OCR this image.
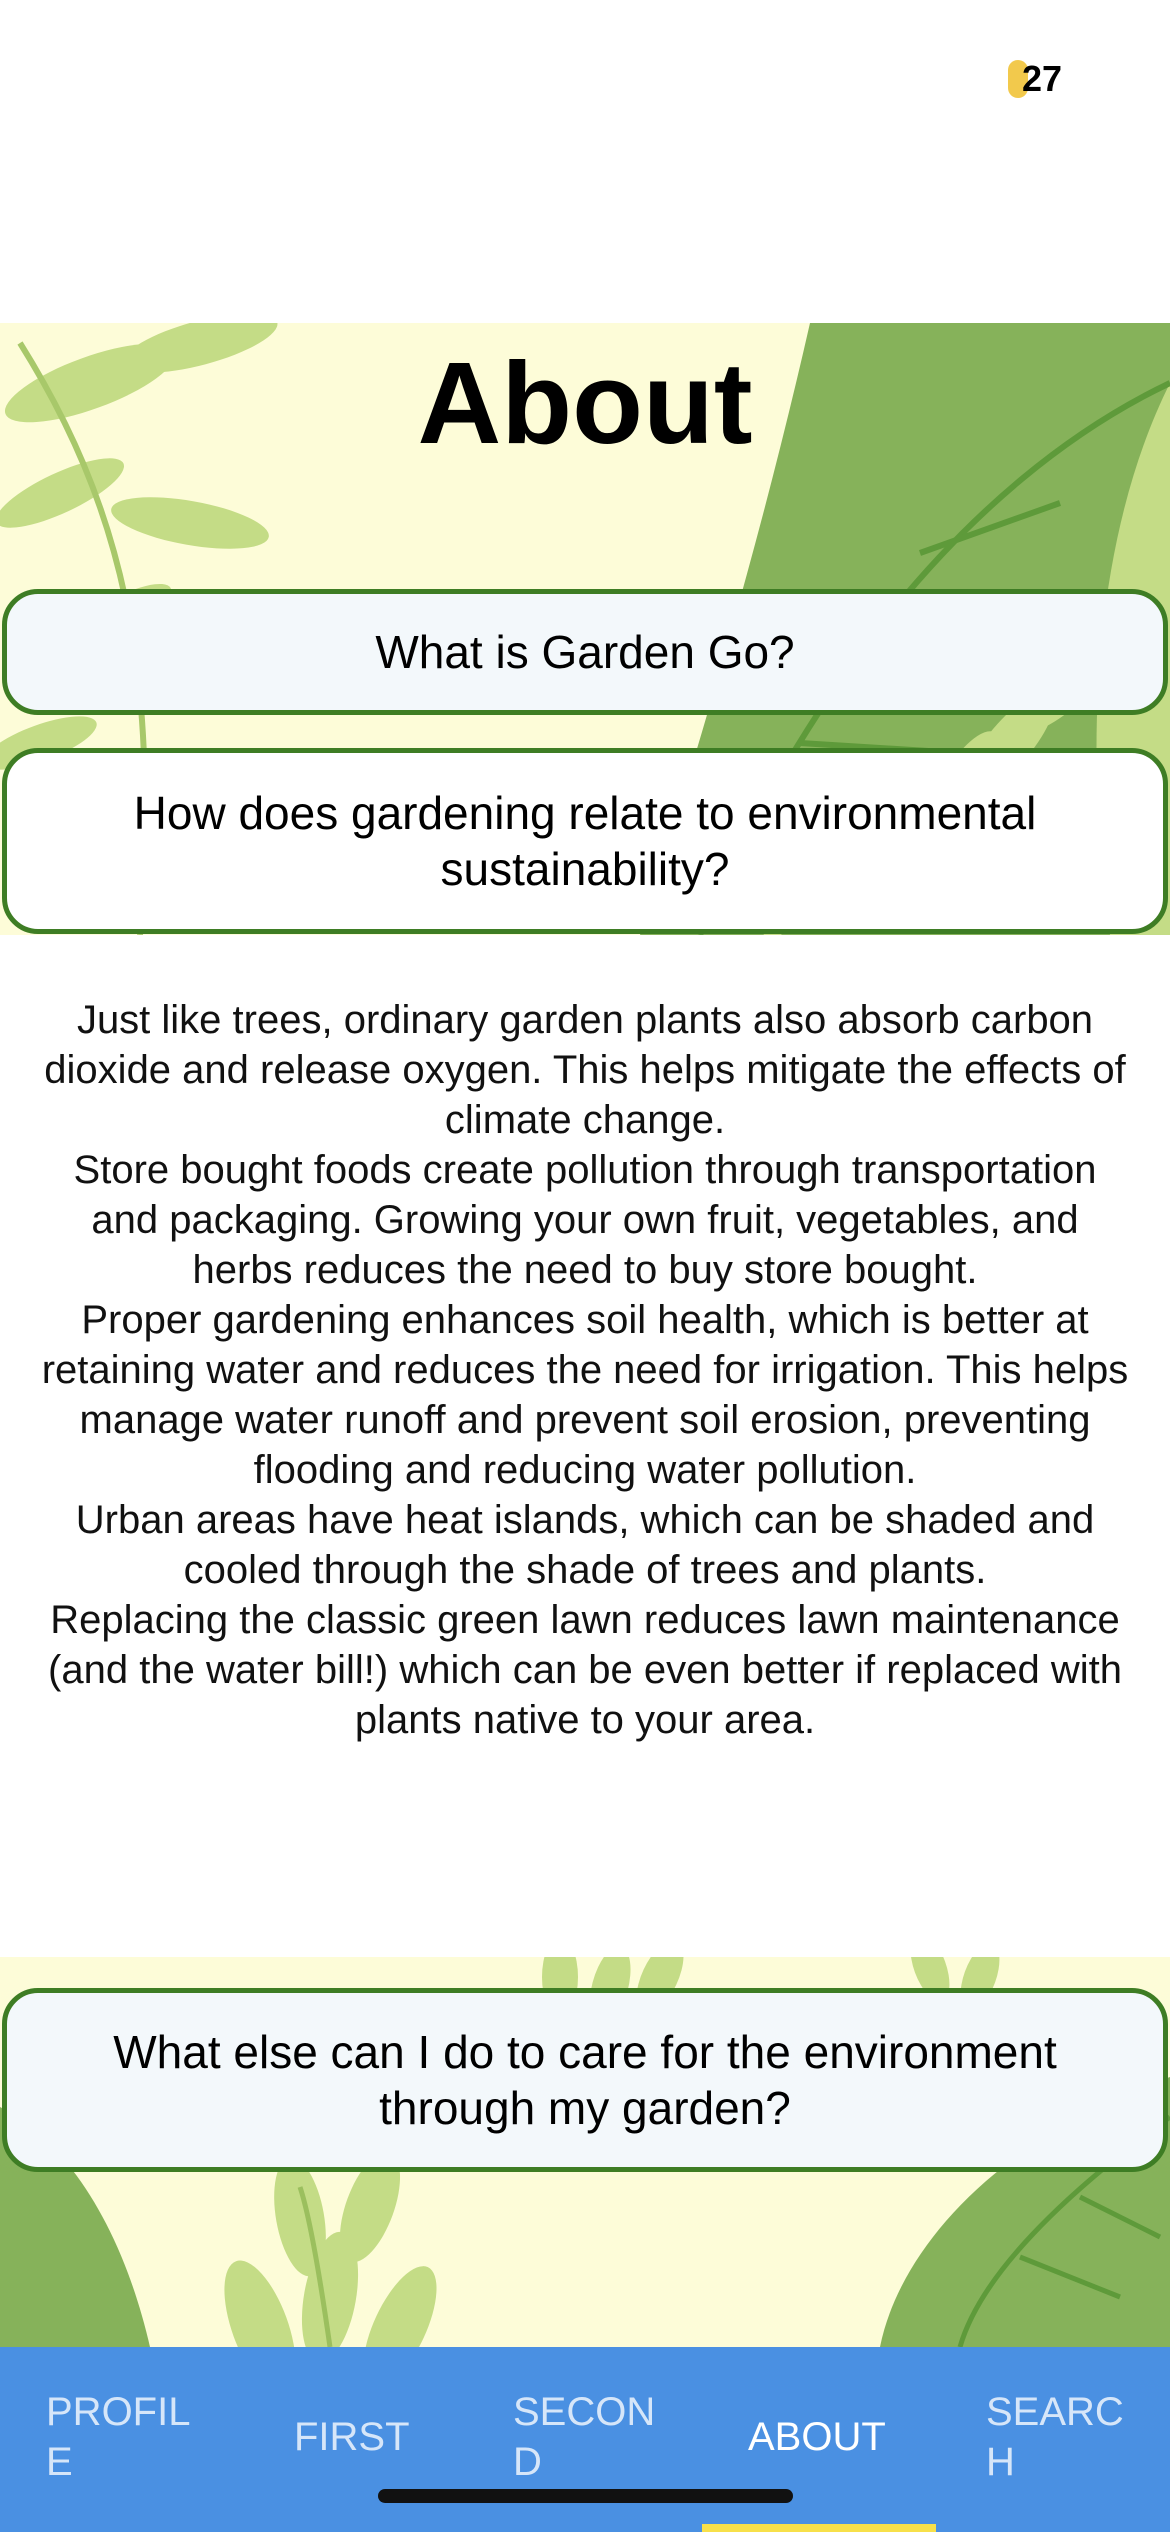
27
About
What is Garden Go?
How does gardening relate to environmental sustainability?

Just like trees, ordinary garden plants also absorb carbon dioxide and release oxygen. This helps mitigate the effects of climate change.

Store bought foods create pollution through transportation and packaging. Growing your own fruit, vegetables, and herbs reduces the need to buy store bought.

Proper gardening enhances soil health, which is better at retaining water and reduces the need for irrigation. This helps manage water runoff and prevent soil erosion, preventing flooding and reducing water pollution.

Urban areas have heat islands, which can be shaded and cooled through the shade of trees and plants.

Replacing the classic green lawn reduces lawn maintenance (and the water bill!) which can be even better if replaced with plants native to your area.

What else can I do to care for the environment through my garden?
PROFIL E
FIRST
SECON D
ABOUT
SEARC H
